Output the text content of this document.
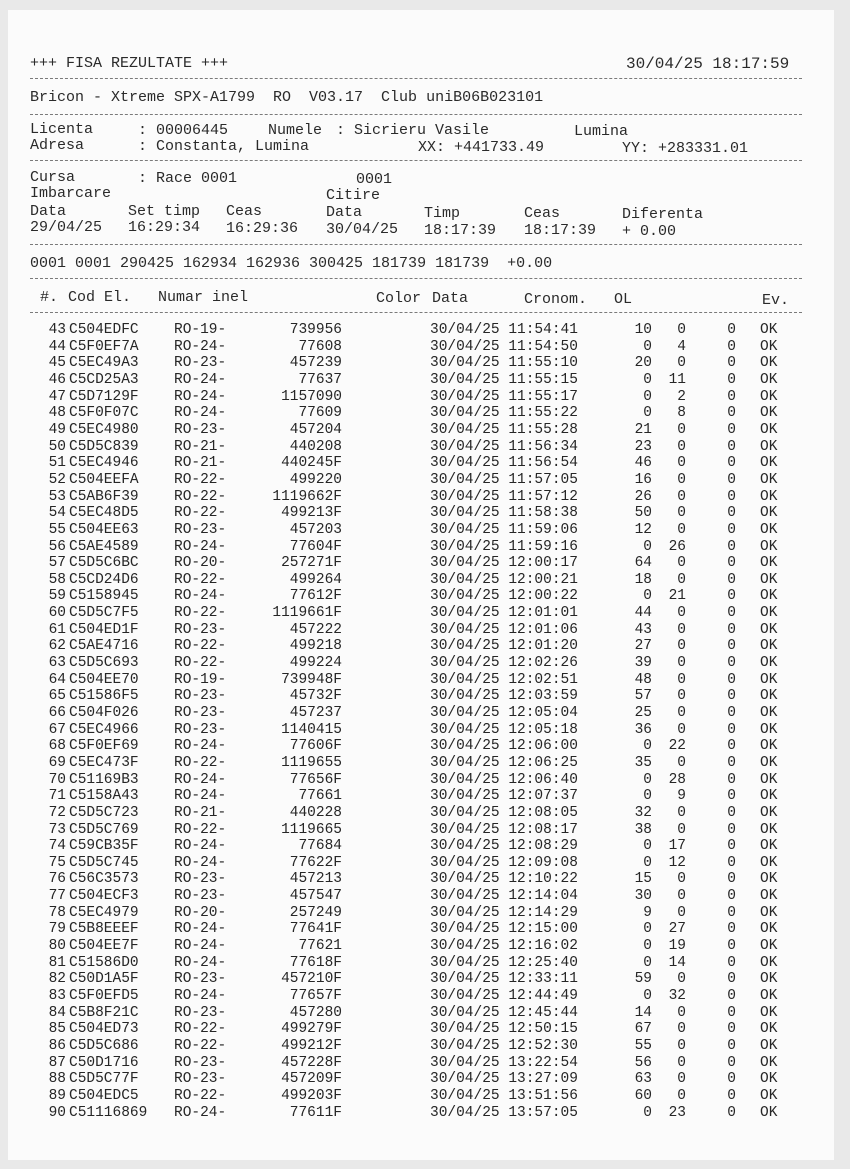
+++ FISA REZULTATE +++	30/04/25 18:17:59
Bricon - Xtreme SPX-A1799  RO  V03.17  Club uniB06B023101
Licenta	: 00006445	Numele : Sicrieru Vasile	Lumina
Adresa	: Constanta, Lumina	XX: +441733.49	YY: +283331.01
Cursa	: Race 0001	0001
Imbarcare	Citire
Data	Set timp Ceas	Data	Timp	Ceas	Diferenta
29/04/25 16:29:34 16:29:36 30/04/25 18:17:39 18:17:39 + 0.00
0001 0001 290425 162934 162936 300425 181739 181739  +0.00
#. Cod El. Numar inel	Color Data	Cronom. OL	Ev.
43 C504EDFC RO-19-	739956	30/04/25 11:54:41	10	0	0 OK
44 C5F0EF7A RO-24-	77608	30/04/25 11:54:50	0	4	0 OK
45 C5EC49A3 RO-23-	457239	30/04/25 11:55:10	20	0	0 OK
46 C5CD25A3 RO-24-	77637	30/04/25 11:55:15	0	11	0 OK
47 C5D7129F RO-24-	1157090	30/04/25 11:55:17	0	2	0 OK
48 C5F0F07C RO-24-	77609	30/04/25 11:55:22	0	8	0 OK
49 C5EC4980 RO-23-	457204	30/04/25 11:55:28	21	0	0 OK
50 C5D5C839 RO-21-	440208	30/04/25 11:56:34	23	0	0 OK
51 C5EC4946 RO-21-	440245F	30/04/25 11:56:54	46	0	0 OK
52 C504EEFA RO-22-	499220	30/04/25 11:57:05	16	0	0 OK
53 C5AB6F39 RO-22-	1119662F	30/04/25 11:57:12	26	0	0 OK
54 C5EC48D5 RO-22-	499213F	30/04/25 11:58:38	50	0	0 OK
55 C504EE63 RO-23-	457203	30/04/25 11:59:06	12	0	0 OK
56 C5AE4589 RO-24-	77604F	30/04/25 11:59:16	0	26	0 OK
57 C5D5C6BC RO-20-	257271F	30/04/25 12:00:17	64	0	0 OK
58 C5CD24D6 RO-22-	499264	30/04/25 12:00:21	18	0	0 OK
59 C5158945 RO-24-	77612F	30/04/25 12:00:22	0	21	0 OK
60 C5D5C7F5 RO-22-	1119661F	30/04/25 12:01:01	44	0	0 OK
61 C504ED1F RO-23-	457222	30/04/25 12:01:06	43	0	0 OK
62 C5AE4716 RO-22-	499218	30/04/25 12:01:20	27	0	0 OK
63 C5D5C693 RO-22-	499224	30/04/25 12:02:26	39	0	0 OK
64 C504EE70 RO-19-	739948F	30/04/25 12:02:51	48	0	0 OK
65 C51586F5 RO-23-	45732F	30/04/25 12:03:59	57	0	0 OK
66 C504F026 RO-23-	457237	30/04/25 12:05:04	25	0	0 OK
67 C5EC4966 RO-23-	1140415	30/04/25 12:05:18	36	0	0 OK
68 C5F0EF69 RO-24-	77606F	30/04/25 12:06:00	0	22	0 OK
69 C5EC473F RO-22-	1119655	30/04/25 12:06:25	35	0	0 OK
70 C51169B3 RO-24-	77656F	30/04/25 12:06:40	0	28	0 OK
71 C5158A43 RO-24-	77661	30/04/25 12:07:37	0	9	0 OK
72 C5D5C723 RO-21-	440228	30/04/25 12:08:05	32	0	0 OK
73 C5D5C769 RO-22-	1119665	30/04/25 12:08:17	38	0	0 OK
74 C59CB35F RO-24-	77684	30/04/25 12:08:29	0	17	0 OK
75 C5D5C745 RO-24-	77622F	30/04/25 12:09:08	0	12	0 OK
76 C56C3573 RO-23-	457213	30/04/25 12:10:22	15	0	0 OK
77 C504ECF3 RO-23-	457547	30/04/25 12:14:04	30	0	0 OK
78 C5EC4979 RO-20-	257249	30/04/25 12:14:29	9	0	0 OK
79 C5B8EEEF RO-24-	77641F	30/04/25 12:15:00	0	27	0 OK
80 C504EE7F RO-24-	77621	30/04/25 12:16:02	0	19	0 OK
81 C51586D0 RO-24-	77618F	30/04/25 12:25:40	0	14	0 OK
82 C50D1A5F RO-23-	457210F	30/04/25 12:33:11	59	0	0 OK
83 C5F0EFD5 RO-24-	77657F	30/04/25 12:44:49	0	32	0 OK
84 C5B8F21C RO-23-	457280	30/04/25 12:45:44	14	0	0 OK
85 C504ED73 RO-22-	499279F	30/04/25 12:50:15	67	0	0 OK
86 C5D5C686 RO-22-	499212F	30/04/25 12:52:30	55	0	0 OK
87 C50D1716 RO-23-	457228F	30/04/25 13:22:54	56	0	0 OK
88 C5D5C77F RO-23-	457209F	30/04/25 13:27:09	63	0	0 OK
89 C504EDC5 RO-22-	499203F	30/04/25 13:51:56	60	0	0 OK
90 C51116869 RO-24-	77611F	30/04/25 13:57:05	0	23	0 OK
